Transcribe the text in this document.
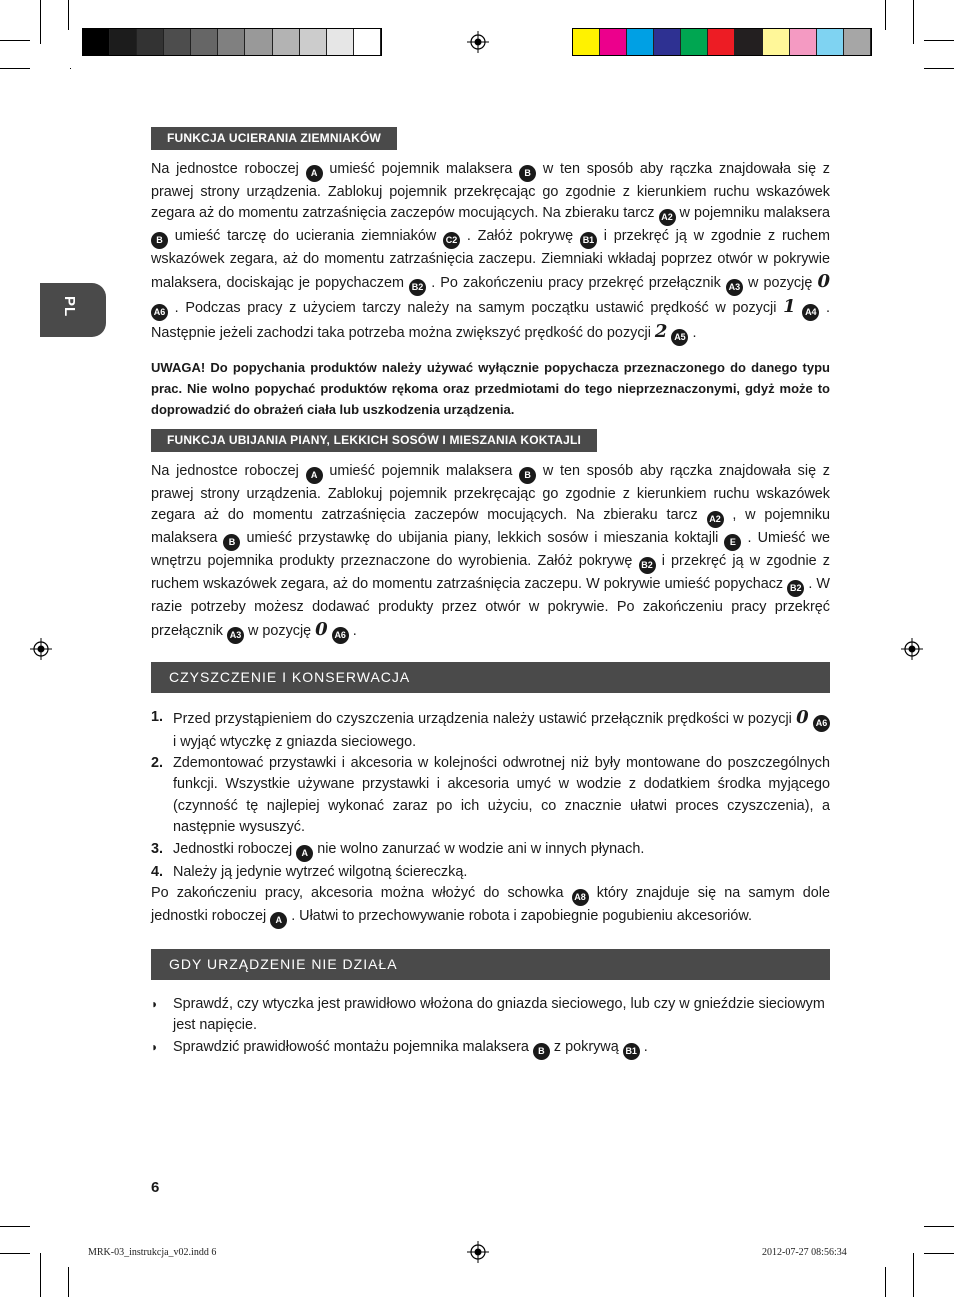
PL
FUNKCJA UCIERANIA ZIEMNIAKÓW

Na jednostce roboczej A umieść pojemnik malaksera B w ten sposób aby rączka znajdowała się z prawej strony urządzenia. Zablokuj pojemnik przekręcając go zgodnie z kierunkiem ruchu wskazówek zegara aż do momentu zatrzaśnięcia zaczepów mocujących. Na zbieraku tarcz A2 w pojemniku malaksera B umieść tarczę do ucierania ziemniaków C2 . Załóż pokrywę B1 i przekręć ją w zgodnie z ruchem wskazówek zegara, aż do momentu zatrzaśnięcia zaczepu. Ziemniaki wkładaj poprzez otwór w pokrywie malaksera, dociskając je popychaczem B2 . Po zakończeniu pracy przekręć przełącznik A3 w pozycję 0 A6 . Podczas pracy z użyciem tarczy należy na samym początku ustawić prędkość w pozycji 1 A4 . Następnie jeżeli zachodzi taka potrzeba można zwiększyć prędkość do pozycji 2 A5 .

UWAGA! Do popychania produktów należy używać wyłącznie popychacza przeznaczonego do danego typu prac. Nie wolno popychać produktów rękoma oraz przedmiotami do tego nieprzeznaczonymi, gdyż może to doprowadzić do obrażeń ciała lub uszkodzenia urządzenia.

FUNKCJA UBIJANIA PIANY, LEKKICH SOSÓW I MIESZANIA KOKTAJLI

Na jednostce roboczej A umieść pojemnik malaksera B w ten sposób aby rączka znajdowała się z prawej strony urządzenia. Zablokuj pojemnik przekręcając go zgodnie z kierunkiem ruchu wskazówek zegara aż do momentu zatrzaśnięcia zaczepów mocujących. Na zbieraku tarcz A2 , w pojemniku malaksera B umieść przystawkę do ubijania piany, lekkich sosów i mieszania koktajli E . Umieść we wnętrzu pojemnika produkty przeznaczone do wyrobienia. Załóż pokrywę B2 i przekręć ją w zgodnie z ruchem wskazówek zegara, aż do momentu zatrzaśnięcia zaczepu. W pokrywie umieść popychacz B2 . W razie potrzeby możesz dodawać produkty przez otwór w pokrywie. Po zakończeniu pracy przekręć przełącznik A3 w pozycję 0 A6 .

CZYSZCZENIE I KONSERWACJA
1. Przed przystąpieniem do czyszczenia urządzenia należy ustawić przełącznik prędkości w pozycji 0 A6 i wyjąć wtyczkę z gniazda sieciowego.
2. Zdemontować przystawki i akcesoria w kolejności odwrotnej niż były montowane do poszczególnych funkcji. Wszystkie używane przystawki i akcesoria umyć w wodzie z dodatkiem środka myjącego (czynność tę najlepiej wykonać zaraz po ich użyciu, co znacznie ułatwi proces czyszczenia), a następnie wysuszyć.
3. Jednostki roboczej A nie wolno zanurzać w wodzie ani w innych płynach.
4. Należy ją jedynie wytrzeć wilgotną ściereczką.

Po zakończeniu pracy, akcesoria można włożyć do schowka A8 który znajduje się na samym dole jednostki roboczej A . Ułatwi to przechowywanie robota i zapobiegnie pogubieniu akcesoriów.

GDY URZĄDZENIE NIE DZIAŁA
◗ Sprawdź, czy wtyczka jest prawidłowo włożona do gniazda sieciowego, lub czy w gnieździe sieciowym jest napięcie.
◗ Sprawdzić prawidłowość montażu pojemnika malaksera B z pokrywą B1 .
6
MRK-03_instrukcja_v02.indd 6	2012-07-27 08:56:34
